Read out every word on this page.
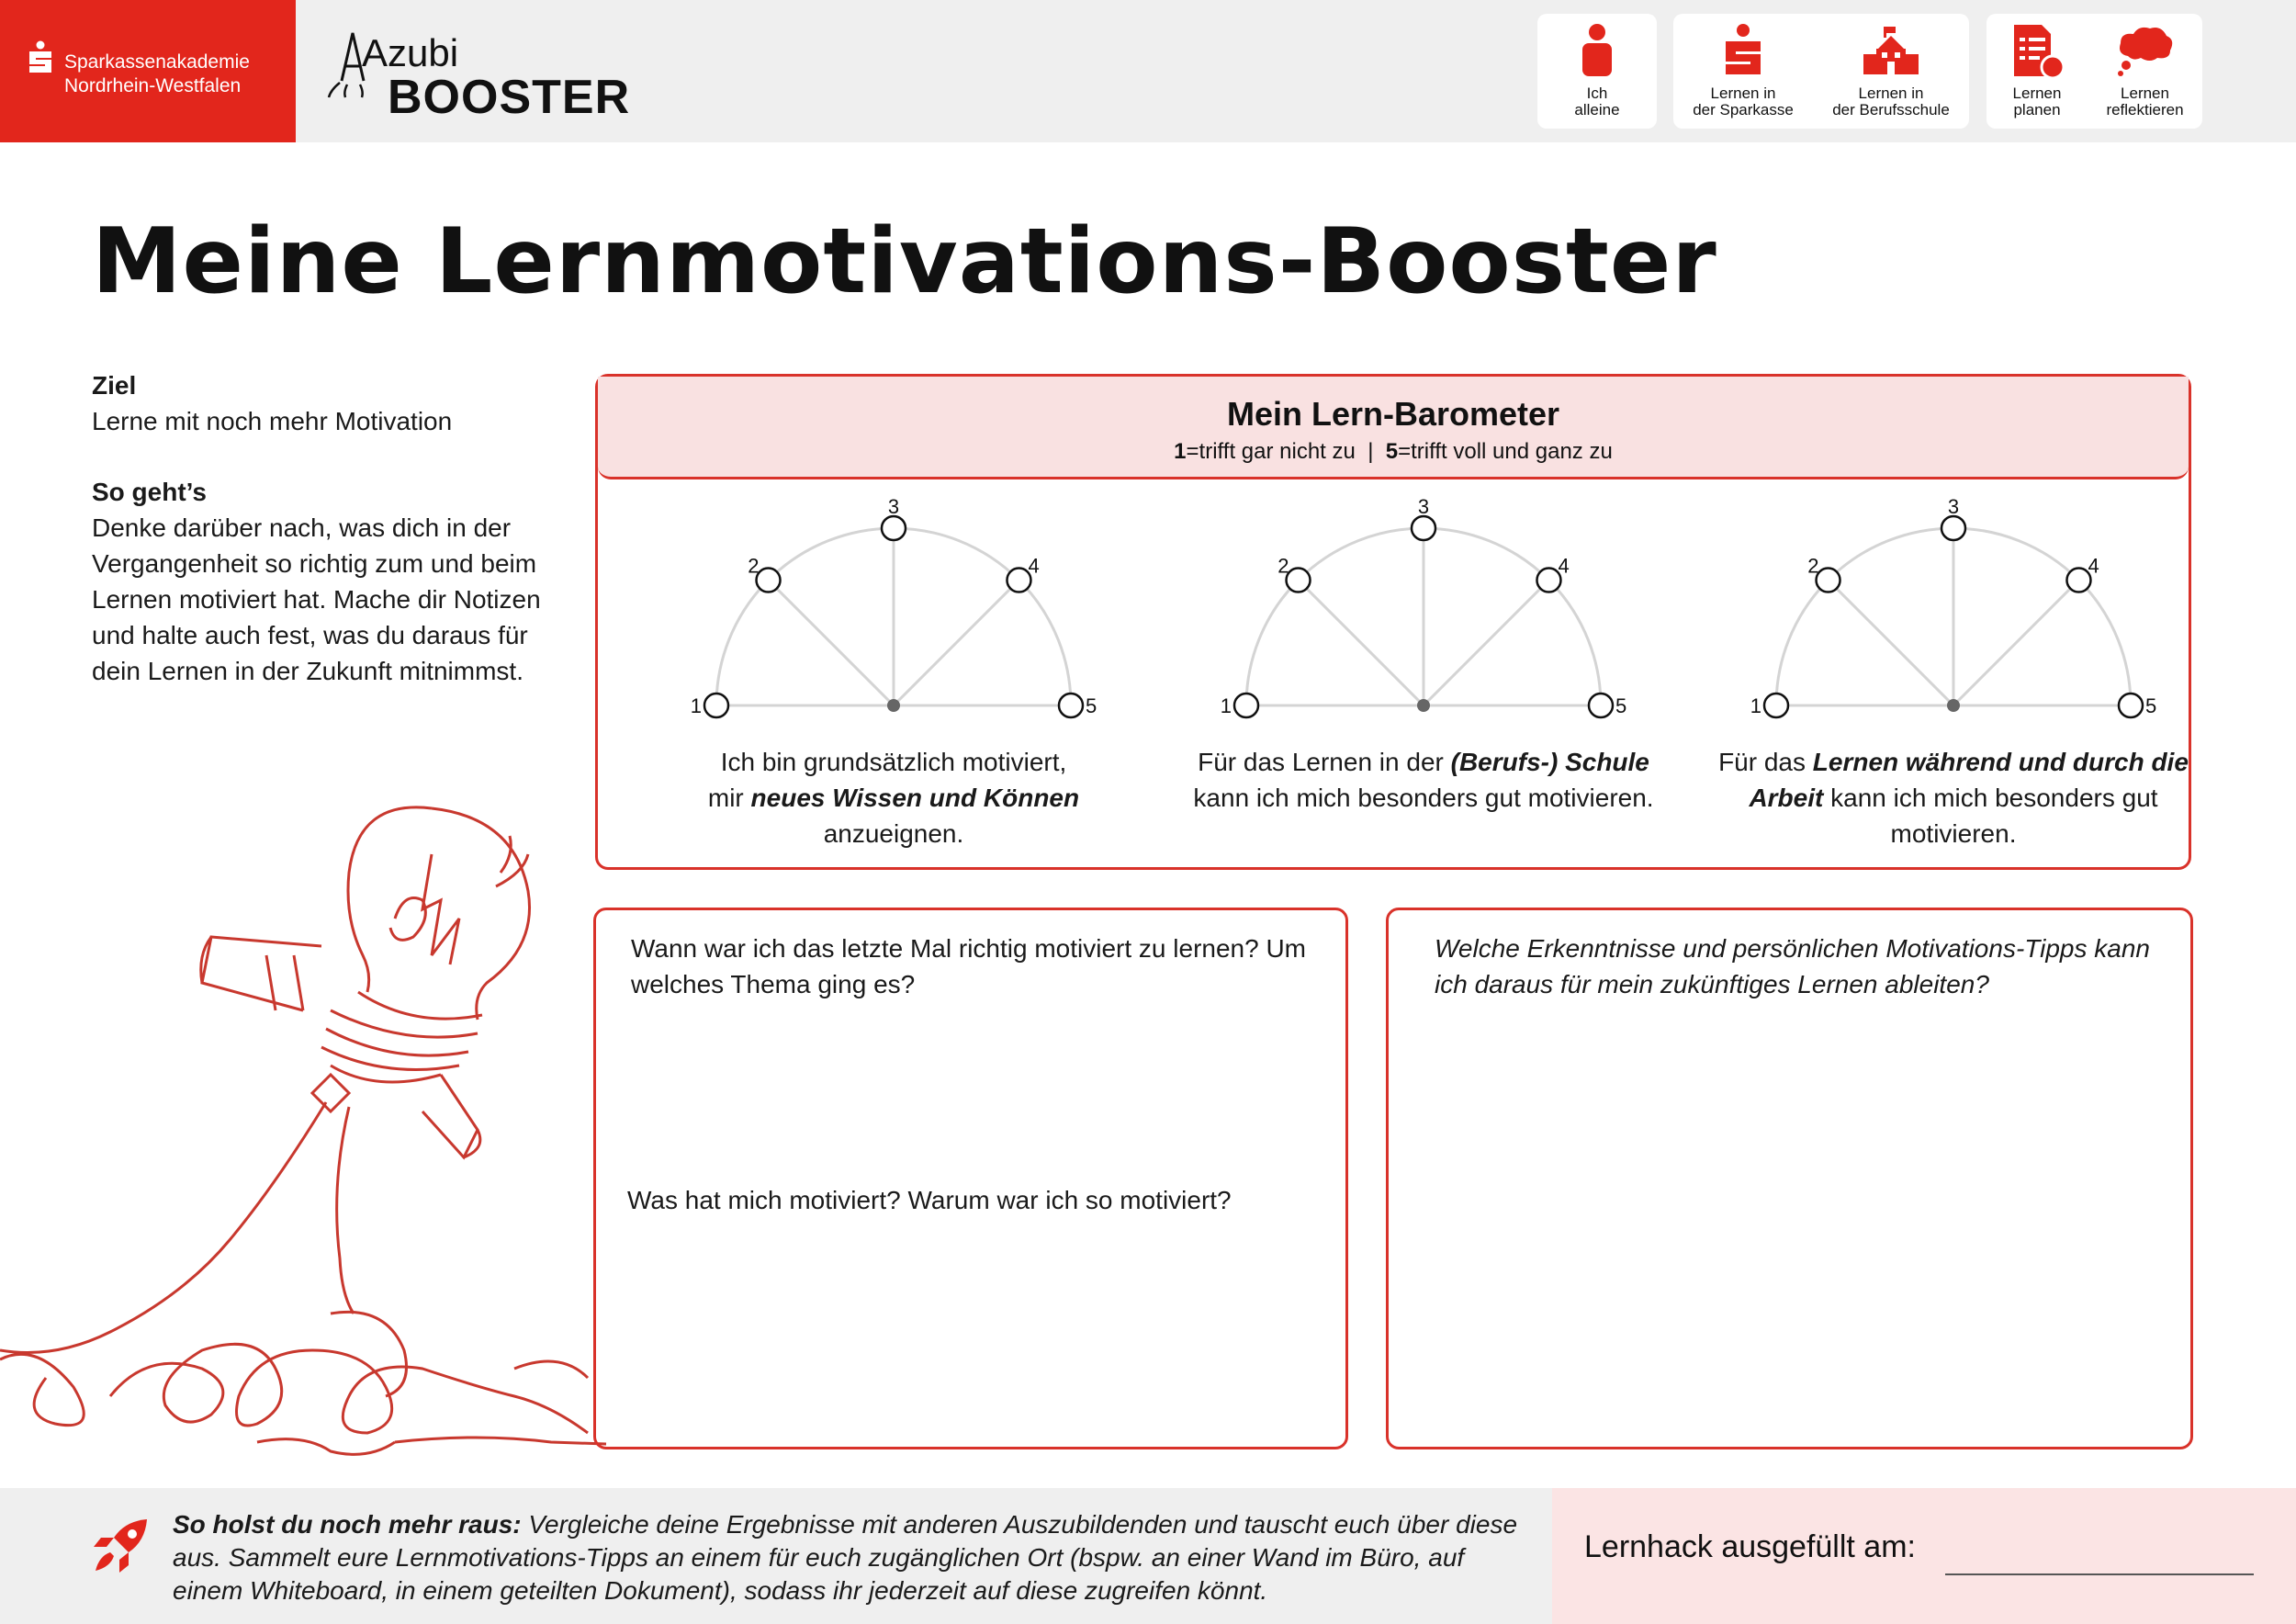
Sparkassenakademie
Nordrhein-Westfalen
Azubi
BOOSTER	Ich
alleine
Lernen in
der Sparkasse
Lernen in
der Berufsschule
Lernen
planen
Lernen
reflektieren
Meine Lernmotivations-Booster

Ziel
Lerne mit noch mehr Motivation

So geht’s
Denke darüber nach, was dich in der Vergangenheit so richtig zum und beim Lernen motiviert hat. Mache dir Notizen und halte auch fest, was du daraus für dein Lernen in der Zukunft mitnimmst.

Mein Lern-Barometer
1=trifft gar nicht zu | 5=trifft voll und ganz zu
1
2
3
4
5	1
2
3
4
5	1
2
3
4
5
Ich bin grundsätzlich motiviert,
mir neues Wissen und Können
anzueignen.
Für das Lernen in der (Berufs-) Schule kann ich mich besonders gut motivieren.
Für das Lernen während und durch die Arbeit kann ich mich besonders gut motivieren.
Wann war ich das letzte Mal richtig motiviert zu lernen? Um welches Thema ging es?
Was hat mich motiviert? Warum war ich so motiviert?
Welche Erkenntnisse und persönlichen Motivations-Tipps kann ich daraus für mein zukünftiges Lernen ableiten?
So holst du noch mehr raus: Vergleiche deine Ergebnisse mit anderen Auszubildenden und tauscht euch über diese aus. Sammelt eure Lernmotivations-Tipps an einem für euch zugänglichen Ort (bspw. an einer Wand im Büro, auf einem Whiteboard, in einem geteilten Dokument), sodass ihr jederzeit auf diese zugreifen könnt.
Lernhack ausgefüllt am:
